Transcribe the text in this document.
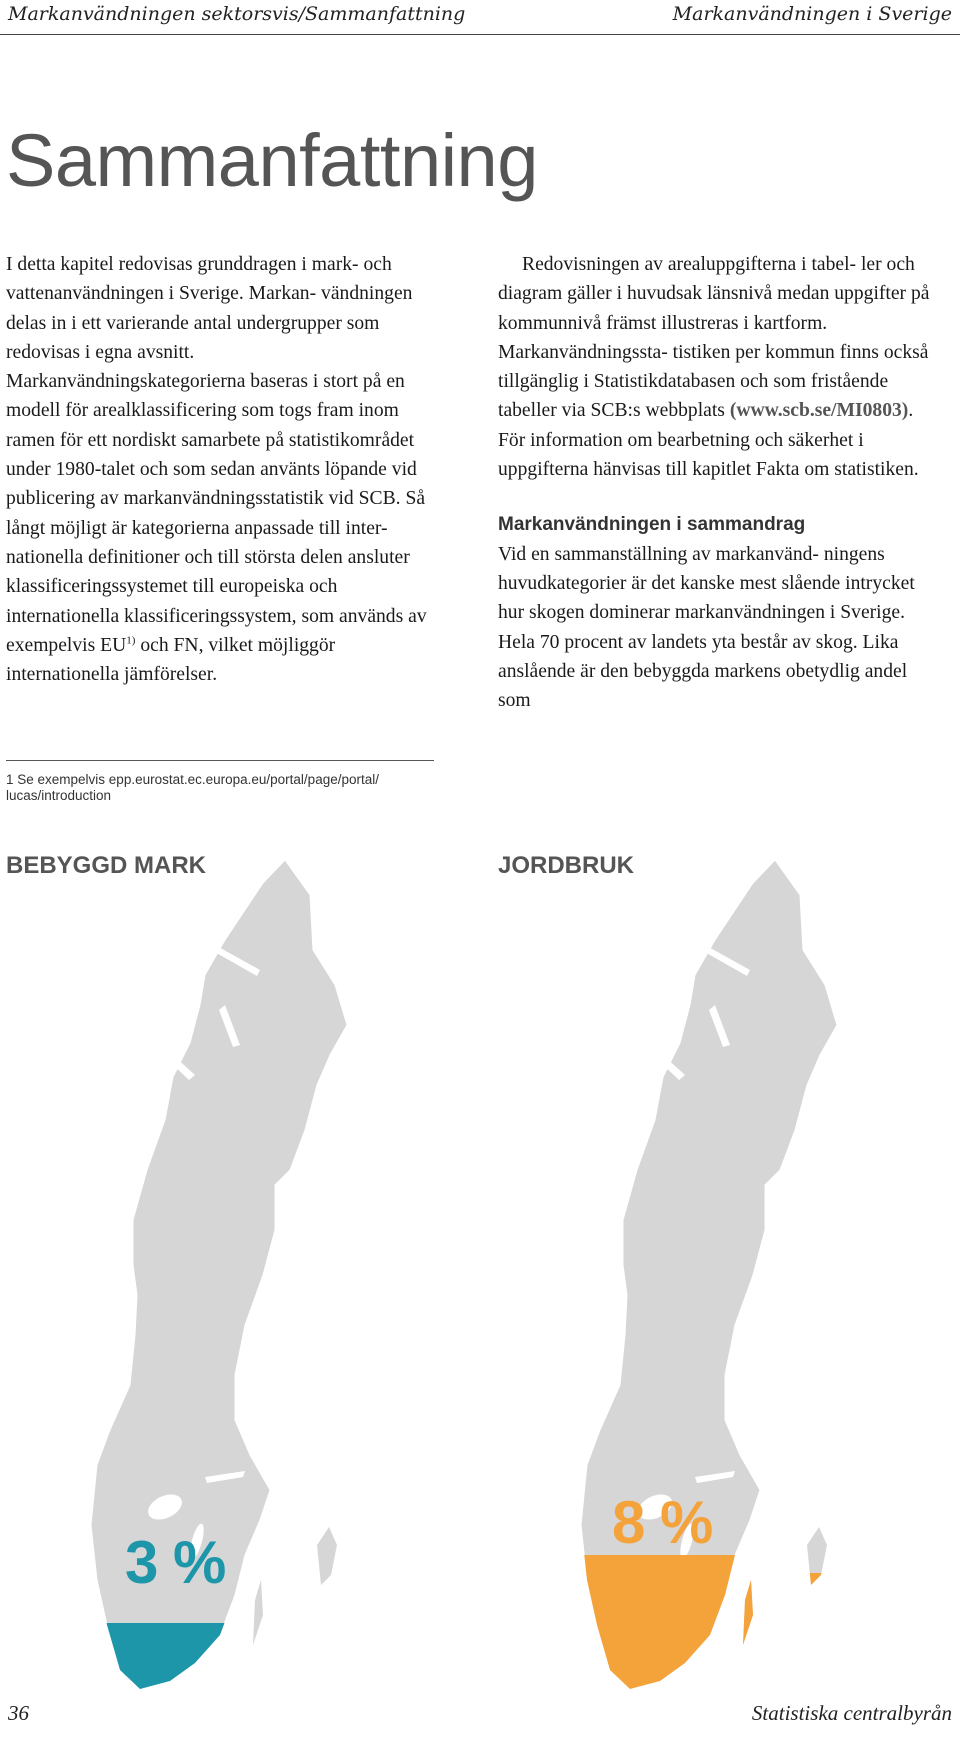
Markanvändningen sektorsvis/Sammanfattning	Markanvändningen i Sverige
Sammanfattning

I detta kapitel redovisas grunddragen i mark- och vattenanvändningen i Sverige. Markan- vändningen delas in i ett varierande antal undergrupper som redovisas i egna avsnitt. Markanvändningskategorierna baseras i stort på en modell för arealklassificering som togs fram inom ramen för ett nordiskt samarbete på statistikområdet under 1980-talet och som sedan använts löpande vid publicering av markanvändningsstatistik vid SCB. Så långt möjligt är kategorierna anpassade till inter- nationella definitioner och till största delen ansluter klassificeringssystemet till europeiska och internationella klassificeringssystem, som används av exempelvis EU$^{1)}$ och FN, vilket möjliggör internationella jämförelser.

1 Se exempelvis epp.eurostat.ec.europa.eu/portal/page/portal/ lucas/introduction

Redovisningen av arealuppgifterna i tabel- ler och diagram gäller i huvudsak länsnivå medan uppgifter på kommunnivå främst illustreras i kartform. Markanvändningssta- tistiken per kommun finns också tillgänglig i Statistikdatabasen och som fristående tabeller via SCB:s webbplats (www.scb.se/MI0803). För information om bearbetning och säkerhet i uppgifterna hänvisas till kapitlet Fakta om statistiken.

Markanvändningen i sammandrag

Vid en sammanställning av markanvänd- ningens huvudkategorier är det kanske mest slående intrycket hur skogen dominerar markanvändningen i Sverige. Hela 70 procent av landets yta består av skog. Lika anslående är den bebyggda markens obetydlig andel som

BEBYGGD MARK	JORDBRUK
3 %
8 %
36	Statistiska centralbyrån
